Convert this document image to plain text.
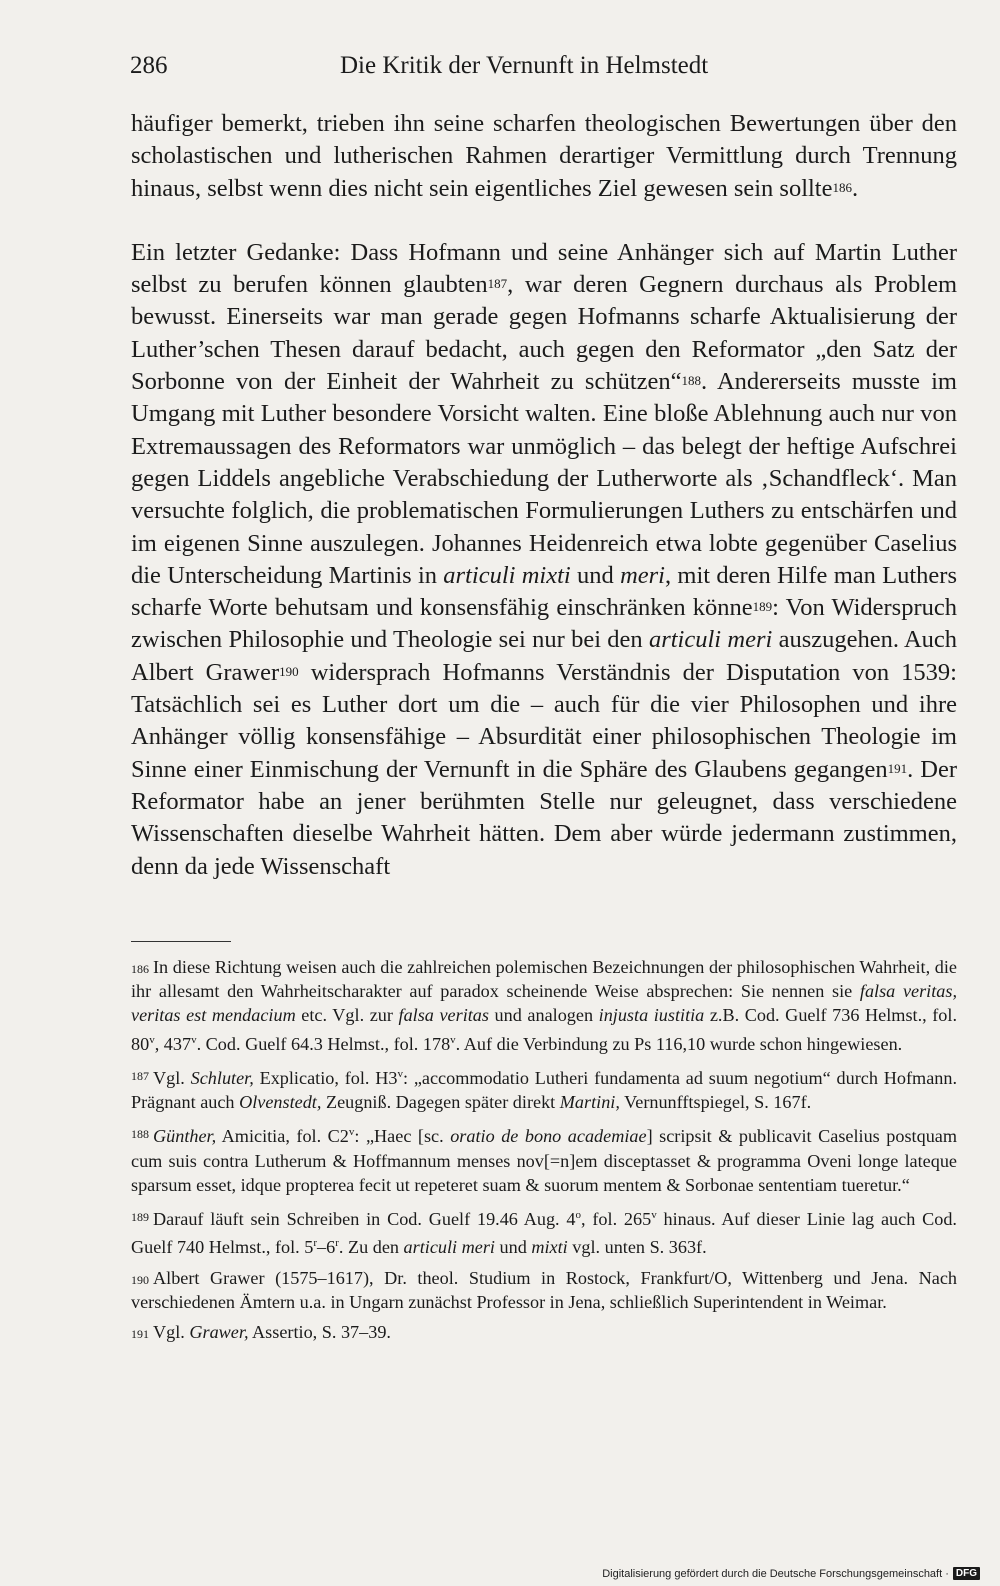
286	Die Kritik der Vernunft in Helmstedt

häufiger bemerkt, trieben ihn seine scharfen theologischen Bewertungen über den scholastischen und lutherischen Rahmen derartiger Vermittlung durch Trennung hinaus, selbst wenn dies nicht sein eigentliches Ziel gewesen sein sollte$^{186}$.

Ein letzter Gedanke: Dass Hofmann und seine Anhänger sich auf Martin Luther selbst zu berufen können glaubten$^{187}$, war deren Gegnern durchaus als Problem bewusst. Einerseits war man gerade gegen Hofmanns scharfe Aktualisierung der Luther’schen Thesen darauf bedacht, auch gegen den Reformator „den Satz der Sorbonne von der Einheit der Wahrheit zu schützen“$^{188}$. Andererseits musste im Umgang mit Luther besondere Vorsicht walten. Eine bloße Ablehnung auch nur von Extremaussagen des Reformators war unmöglich – das belegt der heftige Aufschrei gegen Liddels angebliche Verabschiedung der Lutherworte als ‚Schandfleck‘. Man versuchte folglich, die problematischen Formulierungen Luthers zu entschärfen und im eigenen Sinne auszulegen. Johannes Heidenreich etwa lobte gegenüber Caselius die Unterscheidung Martinis in articuli mixti und meri, mit deren Hilfe man Luthers scharfe Worte behutsam und konsensfähig einschränken könne$^{189}$: Von Widerspruch zwischen Philosophie und Theologie sei nur bei den articuli meri auszugehen. Auch Albert Grawer$^{190}$ widersprach Hofmanns Verständnis der Disputation von 1539: Tatsächlich sei es Luther dort um die – auch für die vier Philosophen und ihre Anhänger völlig konsensfähige – Absurdität einer philosophischen Theologie im Sinne einer Einmischung der Vernunft in die Sphäre des Glaubens gegangen$^{191}$. Der Reformator habe an jener berühmten Stelle nur geleugnet, dass verschiedene Wissenschaften dieselbe Wahrheit hätten. Dem aber würde jedermann zustimmen, denn da jede Wissenschaft

$^{186}$ In diese Richtung weisen auch die zahlreichen polemischen Bezeichnungen der philosophischen Wahrheit, die ihr allesamt den Wahrheitscharakter auf paradox scheinende Weise absprechen: Sie nennen sie falsa veritas, veritas est mendacium etc. Vgl. zur falsa veritas und analogen injusta iustitia z.B. Cod. Guelf 736 Helmst., fol. 80$^v$, 437$^v$. Cod. Guelf 64.3 Helmst., fol. 178$^v$. Auf die Verbindung zu Ps 116,10 wurde schon hingewiesen.

$^{187}$ Vgl. Schluter, Explicatio, fol. H3$^v$: „accommodatio Lutheri fundamenta ad suum negotium“ durch Hofmann. Prägnant auch Olvenstedt, Zeugniß. Dagegen später direkt Martini, Vernunfftspiegel, S. 167f.

$^{188}$ Günther, Amicitia, fol. C2$^v$: „Haec [sc. oratio de bono academiae] scripsit & publicavit Caselius postquam cum suis contra Lutherum & Hoffmannum menses nov[=n]em disceptasset & programma Oveni longe lateque sparsum esset, idque propterea fecit ut repeteret suam & suorum mentem & Sorbonae sententiam tueretur.“

$^{189}$ Darauf läuft sein Schreiben in Cod. Guelf 19.46 Aug. 4$^o$, fol. 265$^v$ hinaus. Auf dieser Linie lag auch Cod. Guelf 740 Helmst., fol. 5$^r$–6$^r$. Zu den articuli meri und mixti vgl. unten S. 363f.

$^{190}$ Albert Grawer (1575–1617), Dr. theol. Studium in Rostock, Frankfurt/O, Wittenberg und Jena. Nach verschiedenen Ämtern u.a. in Ungarn zunächst Professor in Jena, schließlich Superintendent in Weimar.

$^{191}$ Vgl. Grawer, Assertio, S. 37–39.

Digitalisierung gefördert durch die Deutsche Forschungsgemeinschaft · DFG
